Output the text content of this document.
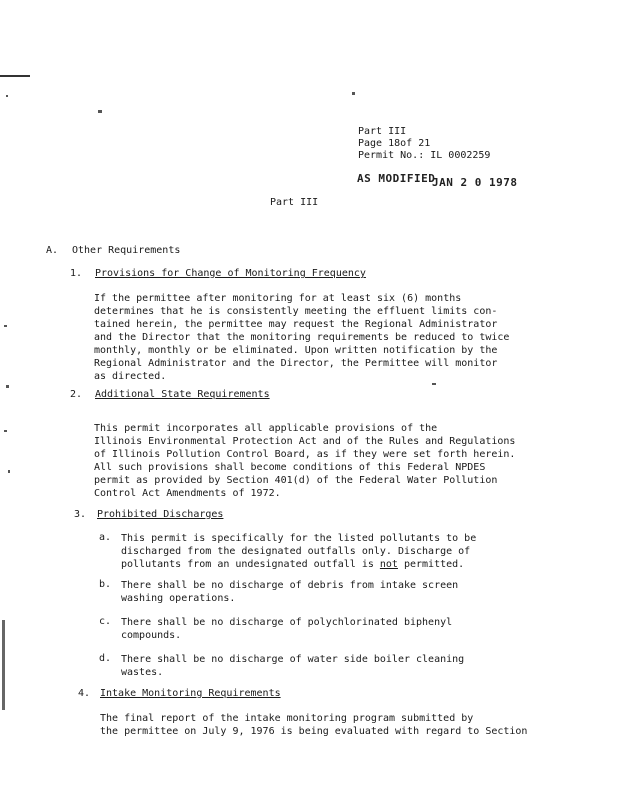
Part III
Page 18of 21
Permit No.: IL 0002259
AS MODIFIED
JAN 2 0 1978
Part III
A. Other Requirements
1. Provisions for Change of Monitoring Frequency
If the permittee after monitoring for at least six (6) months
determines that he is consistently meeting the effluent limits con-
tained herein, the permittee may request the Regional Administrator
and the Director that the monitoring requirements be reduced to twice
monthly, monthly or be eliminated. Upon written notification by the
Regional Administrator and the Director, the Permittee will monitor
as directed.
2. Additional State Requirements
This permit incorporates all applicable provisions of the
Illinois Environmental Protection Act and of the Rules and Regulations
of Illinois Pollution Control Board, as if they were set forth herein.
All such provisions shall become conditions of this Federal NPDES
permit as provided by Section 401(d) of the Federal Water Pollution
Control Act Amendments of 1972.
3. Prohibited Discharges
a. This permit is specifically for the listed pollutants to be
discharged from the designated outfalls only. Discharge of
pollutants from an undesignated outfall is not permitted.
b. There shall be no discharge of debris from intake screen
washing operations.
c. There shall be no discharge of polychlorinated biphenyl
compounds.
d. There shall be no discharge of water side boiler cleaning
wastes.
4. Intake Monitoring Requirements
The final report of the intake monitoring program submitted by
the permittee on July 9, 1976 is being evaluated with regard to Section
